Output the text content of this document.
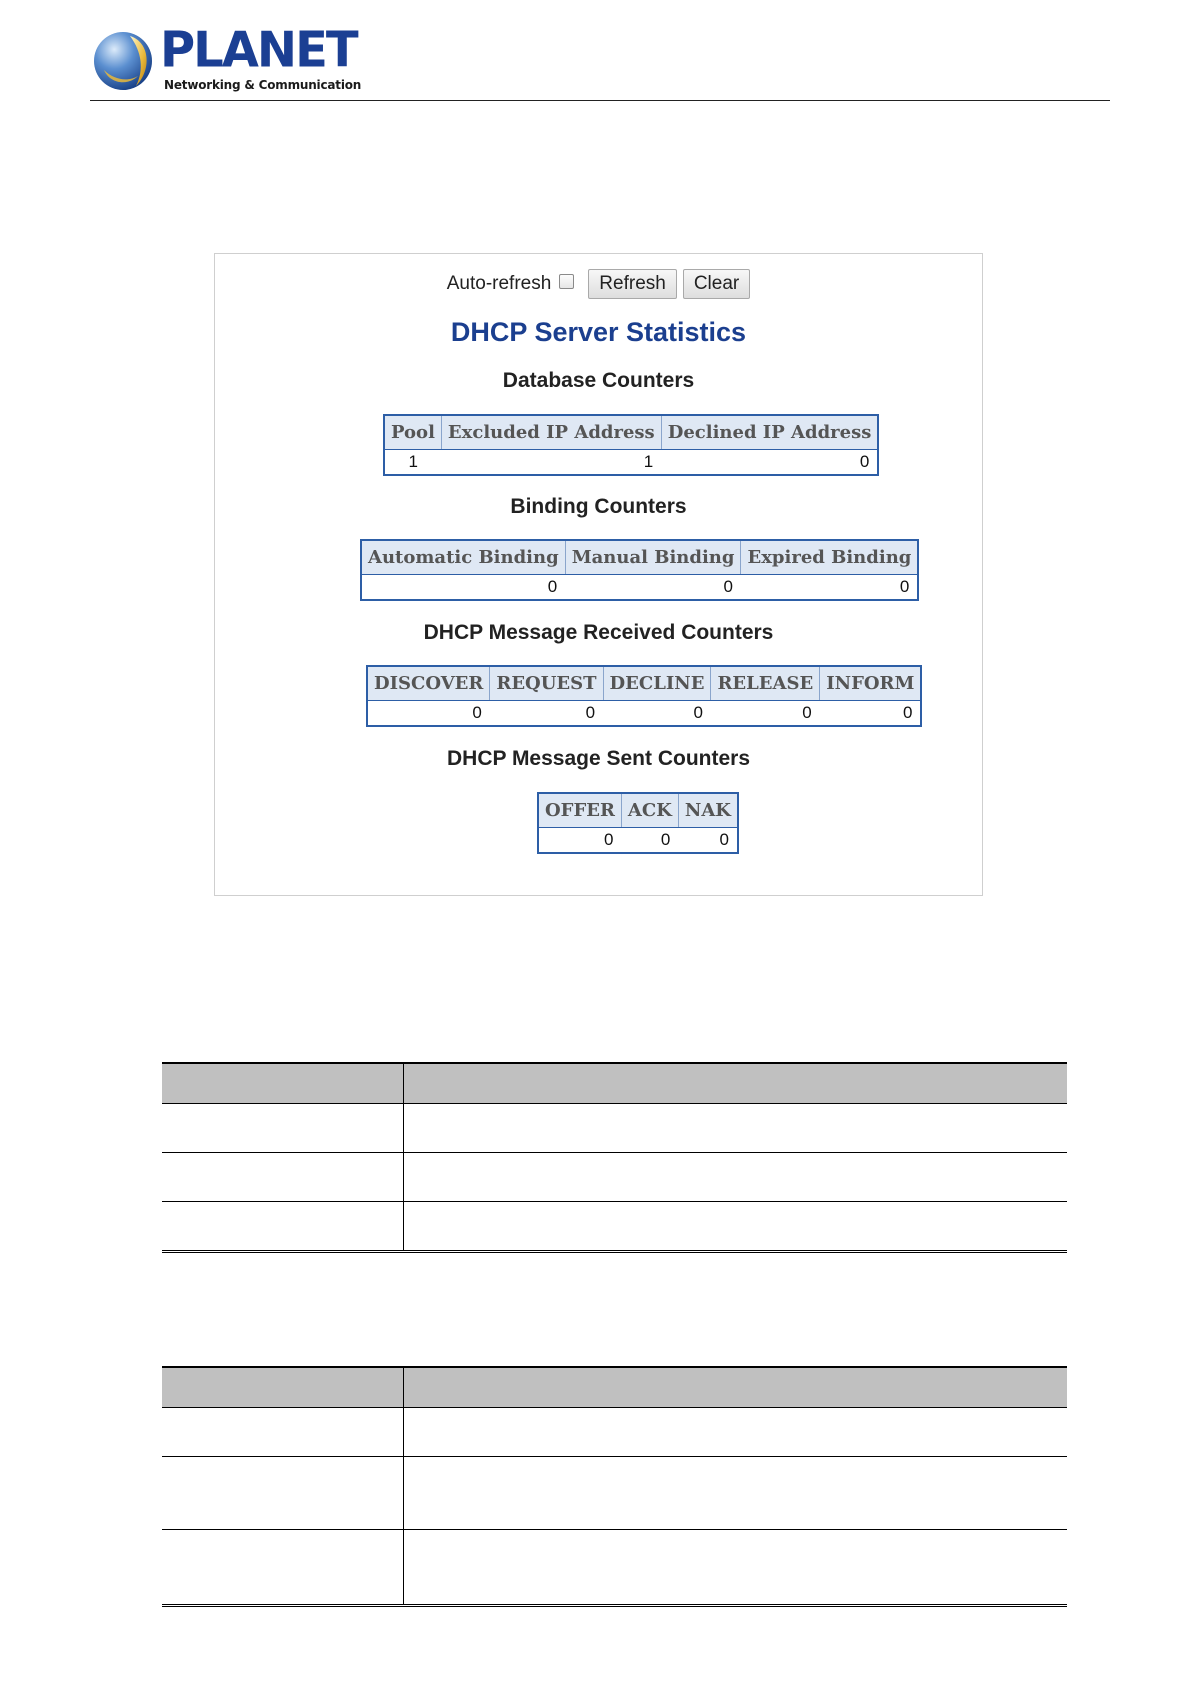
PLANET
Networking & Communication
Auto-refresh	Refresh	Clear
DHCP Server Statistics
Database Counters
Pool	Excluded IP Address	Declined IP Address
1	1	0
Binding Counters
Automatic Binding	Manual Binding	Expired Binding
0	0	0
DHCP Message Received Counters
DISCOVER	REQUEST	DECLINE	RELEASE	INFORM
0	0	0	0	0
DHCP Message Sent Counters
OFFER	ACK	NAK
0	0	0
